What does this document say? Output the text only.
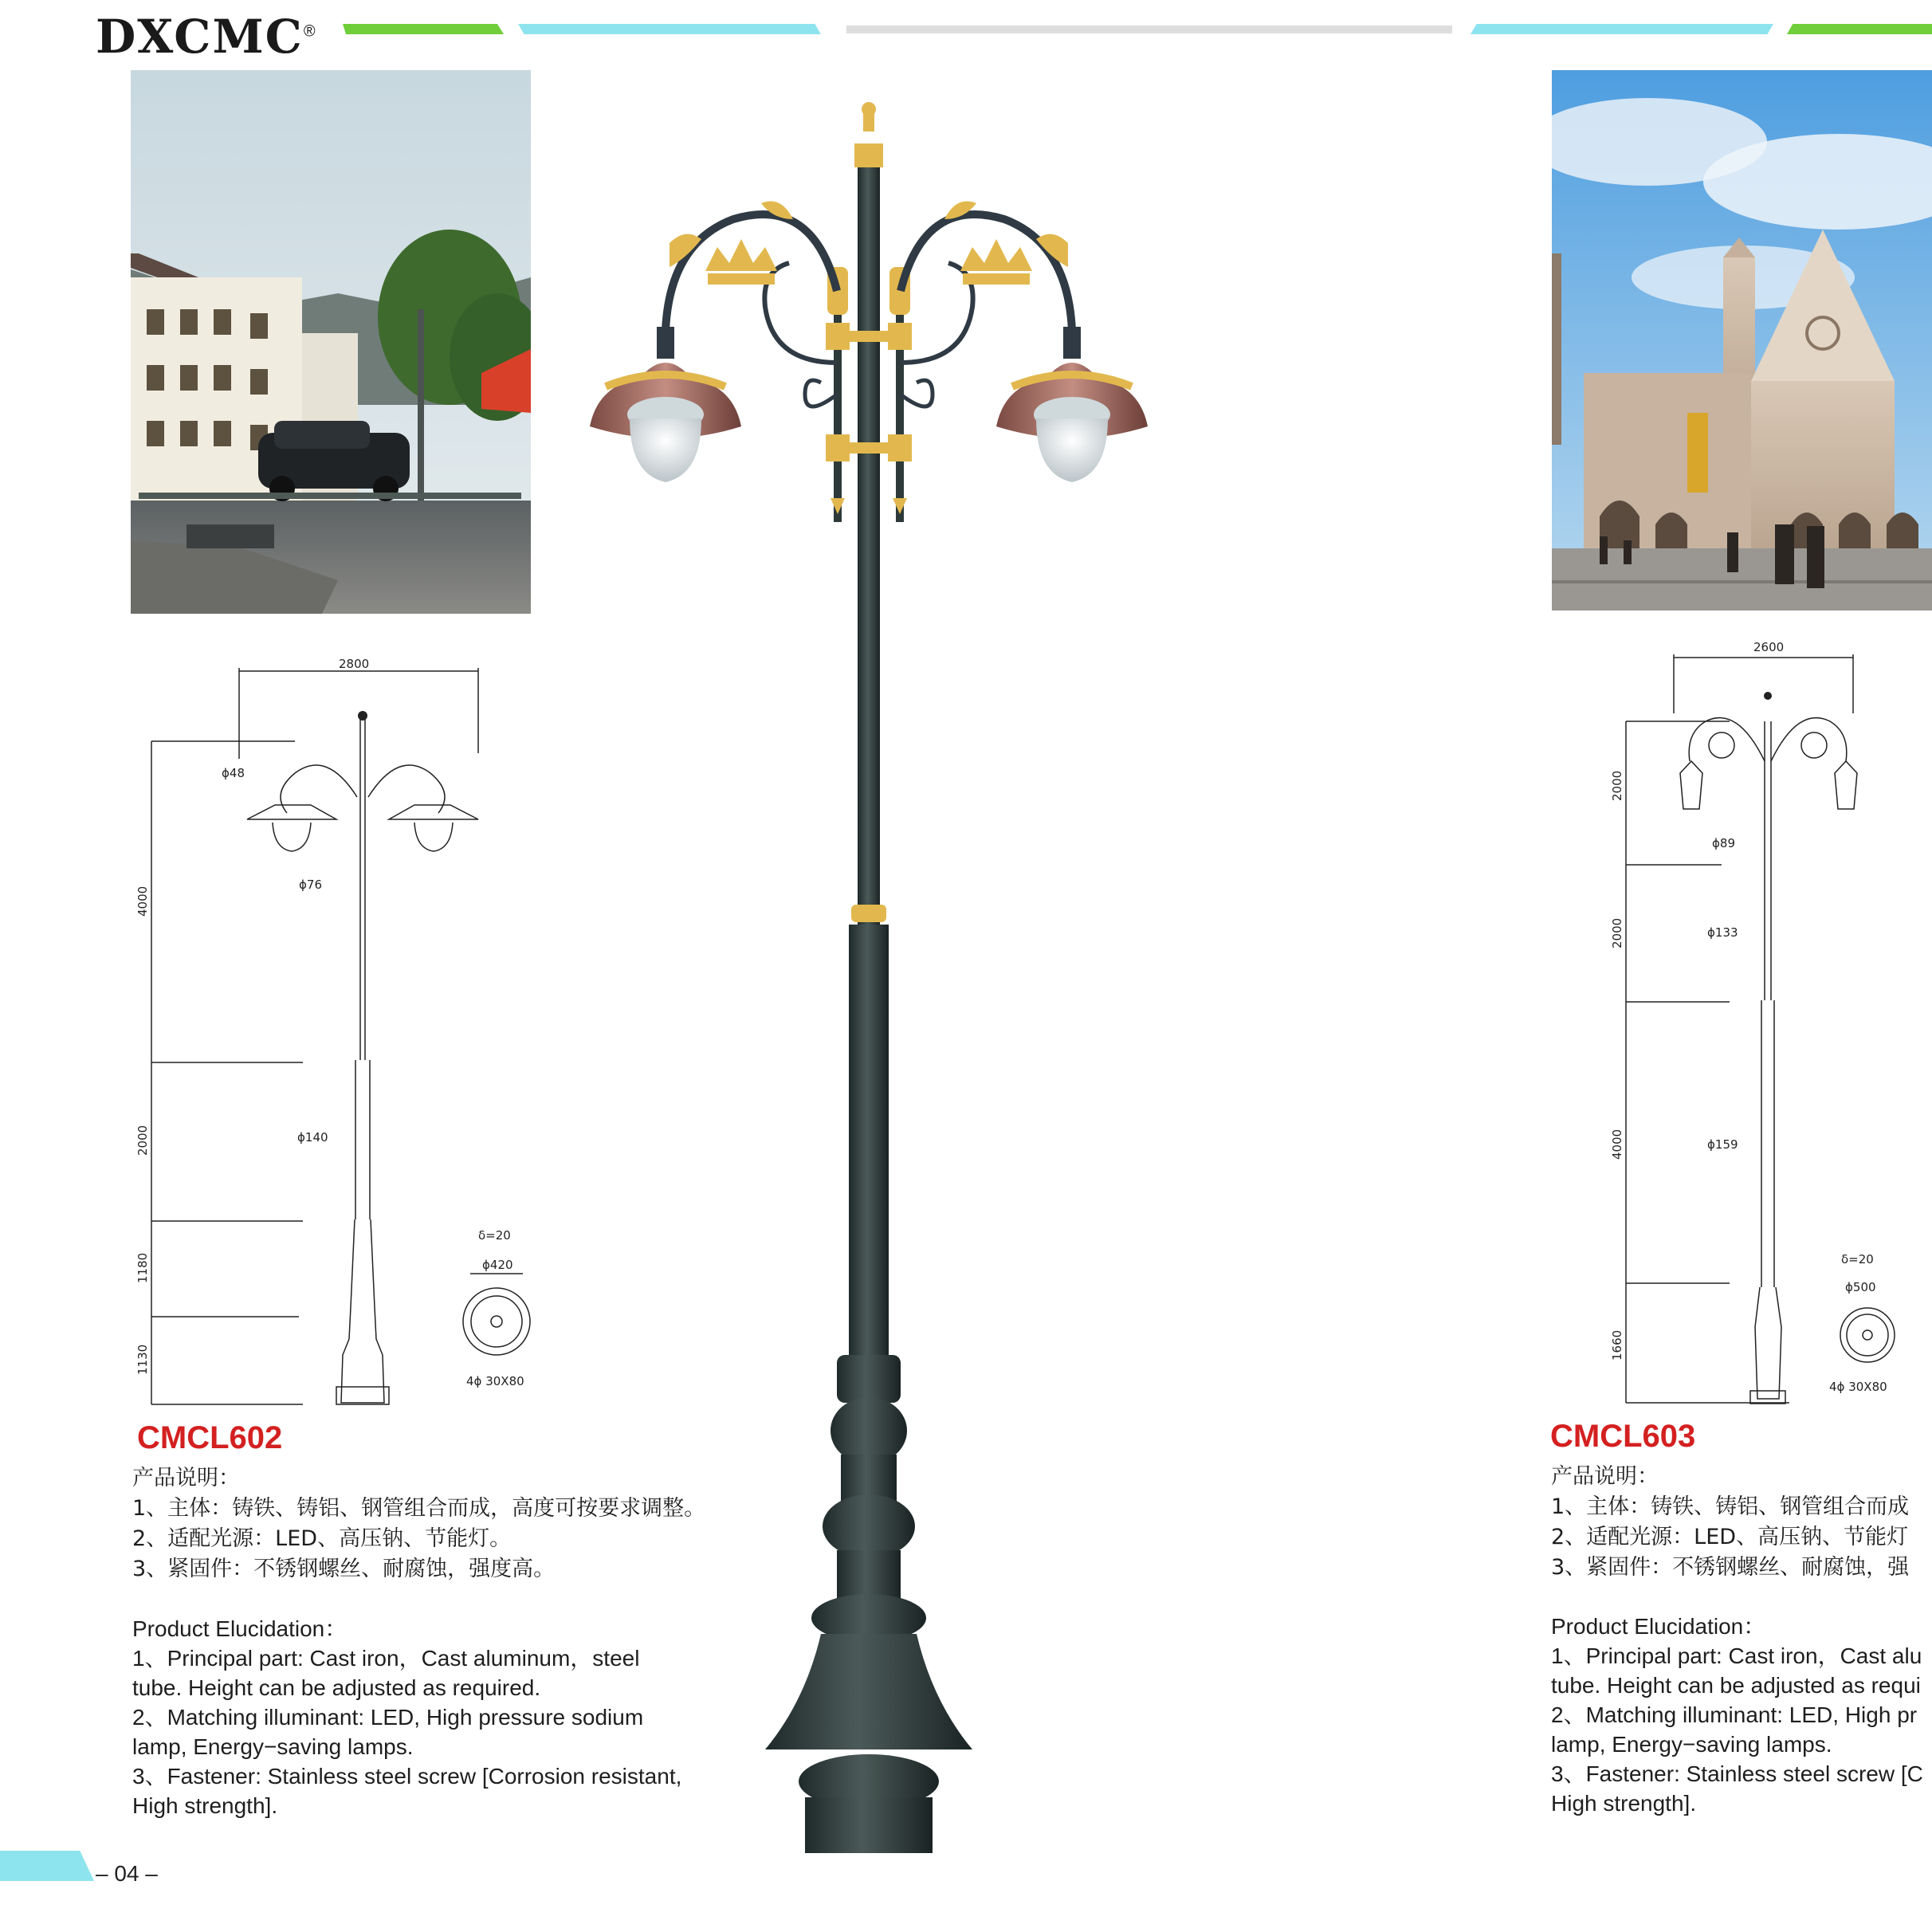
DXCMC®
2800
ϕ48
ϕ76
ϕ140
4000
2000
1180
1130
δ=20
ϕ420
4ϕ 30X80
2600
ϕ89
ϕ133
ϕ159
2000
2000
4000
1660
δ=20
ϕ500
4ϕ 30X80
CMCL602
产品说明：
1、主体：铸铁、铸铝、钢管组合而成，高度可按要求调整。
2、适配光源：LED、高压钠、节能灯。
3、紧固件：不锈钢螺丝、耐腐蚀，强度高。
Product Elucidation：
1、Principal part: Cast iron，Cast aluminum，steel
tube. Height can be adjusted as required.
2、Matching illuminant: LED, High pressure sodium
lamp, Energy−saving lamps.
3、Fastener: Stainless steel screw [Corrosion resistant,
High strength].
CMCL603
产品说明：
1、主体：铸铁、铸铝、钢管组合而成
2、适配光源：LED、高压钠、节能灯
3、紧固件：不锈钢螺丝、耐腐蚀，强
Product Elucidation：
1、Principal part: Cast iron，Cast alu
tube. Height can be adjusted as requi
2、Matching illuminant: LED, High pr
lamp, Energy−saving lamps.
3、Fastener: Stainless steel screw [C
High strength].
– 04 –
